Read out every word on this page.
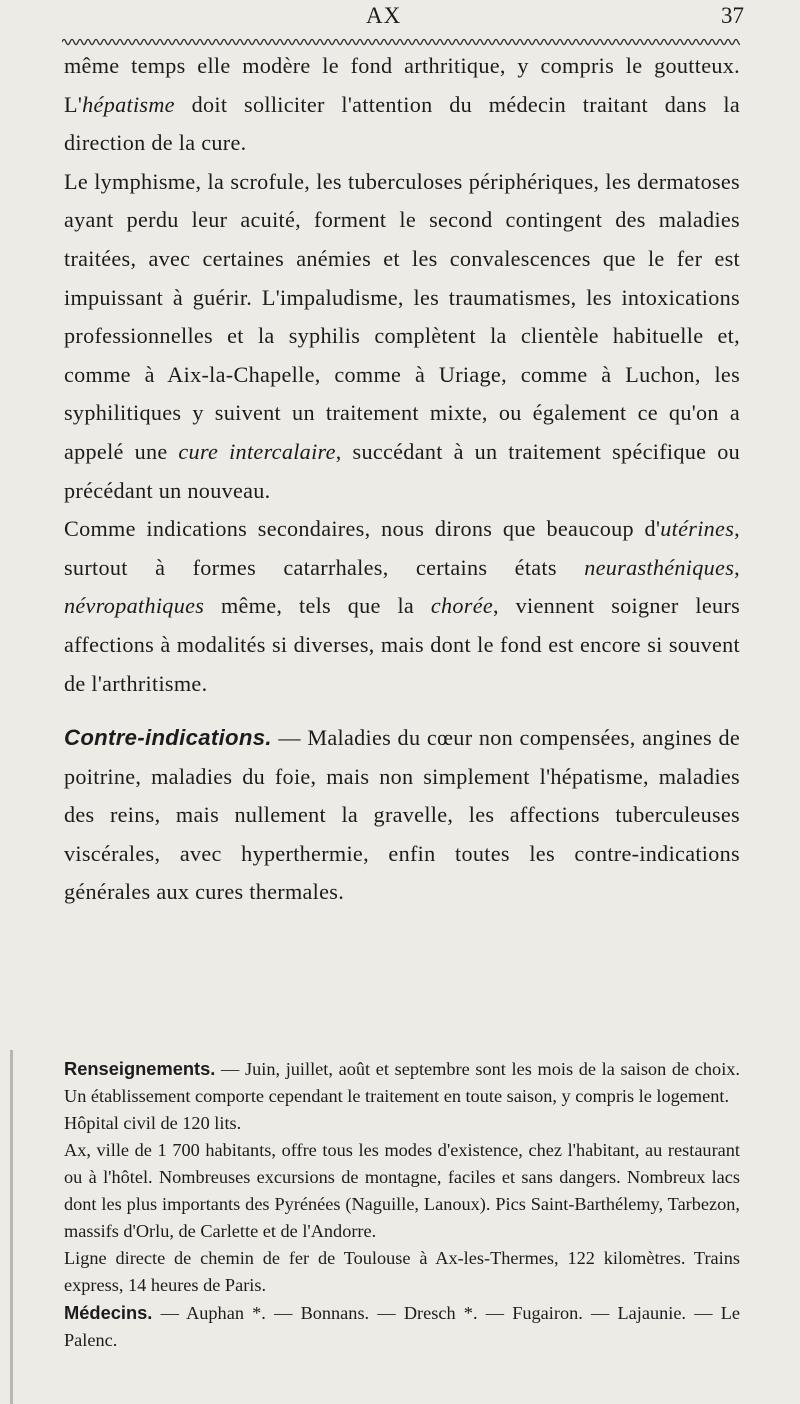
AX	37

même temps elle modère le fond arthritique, y compris le goutteux. L'hépatisme doit solliciter l'attention du médecin traitant dans la direction de la cure.

Le lymphisme, la scrofule, les tuberculoses périphériques, les dermatoses ayant perdu leur acuité, forment le second contingent des maladies traitées, avec certaines anémies et les convalescences que le fer est impuissant à guérir. L'impaludisme, les traumatismes, les intoxications professionnelles et la syphilis complètent la clientèle habituelle et, comme à Aix-la-Chapelle, comme à Uriage, comme à Luchon, les syphilitiques y suivent un traitement mixte, ou également ce qu'on a appelé une cure intercalaire, succédant à un traitement spécifique ou précédant un nouveau.

Comme indications secondaires, nous dirons que beaucoup d'utérines, surtout à formes catarrhales, certains états neurasthéniques, névropathiques même, tels que la chorée, viennent soigner leurs affections à modalités si diverses, mais dont le fond est encore si souvent de l'arthritisme.

Contre-indications. — Maladies du cœur non compensées, angines de poitrine, maladies du foie, mais non simplement l'hépatisme, maladies des reins, mais nullement la gravelle, les affections tuberculeuses viscérales, avec hyperthermie, enfin toutes les contre-indications générales aux cures thermales.

Renseignements. — Juin, juillet, août et septembre sont les mois de la saison de choix. Un établissement comporte cependant le traitement en toute saison, y compris le logement.

Hôpital civil de 120 lits.

Ax, ville de 1 700 habitants, offre tous les modes d'existence, chez l'habitant, au restaurant ou à l'hôtel. Nombreuses excursions de montagne, faciles et sans dangers. Nombreux lacs dont les plus importants des Pyrénées (Naguille, Lanoux). Pics Saint-Barthélemy, Tarbezon, massifs d'Orlu, de Carlette et de l'Andorre.

Ligne directe de chemin de fer de Toulouse à Ax-les-Thermes, 122 kilomètres. Trains express, 14 heures de Paris.

Médecins. — Auphan *. — Bonnans. — Dresch *. — Fugairon. — Lajaunie. — Le Palenc.
